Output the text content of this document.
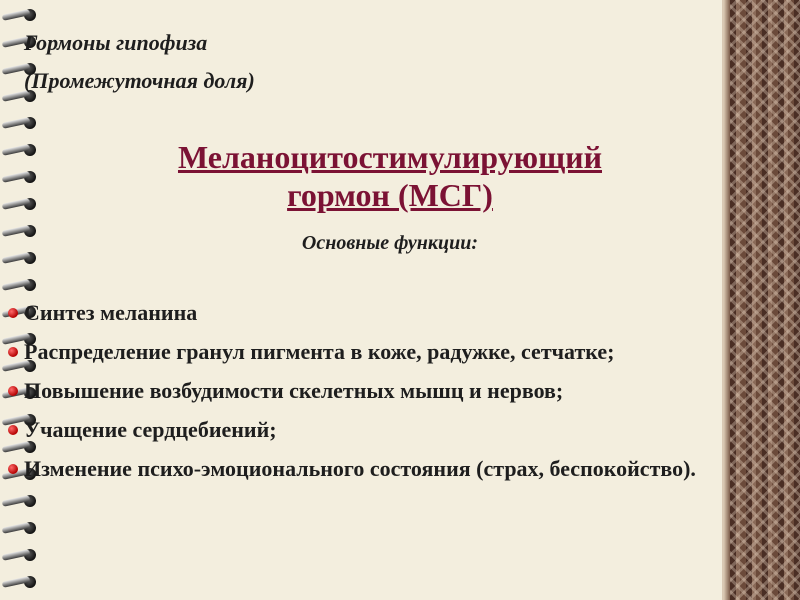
Гормоны гипофиза

(Промежуточная доля)

Меланоцитостимулирующий
гормон (МСГ)

Основные функции:

Синтез меланина
Распределение гранул пигмента в коже, радужке, сетчатке;
Повышение возбудимости скелетных мышц и нервов;
Учащение сердцебиений;
Изменение психо-эмоционального состояния (страх, беспокойство).
